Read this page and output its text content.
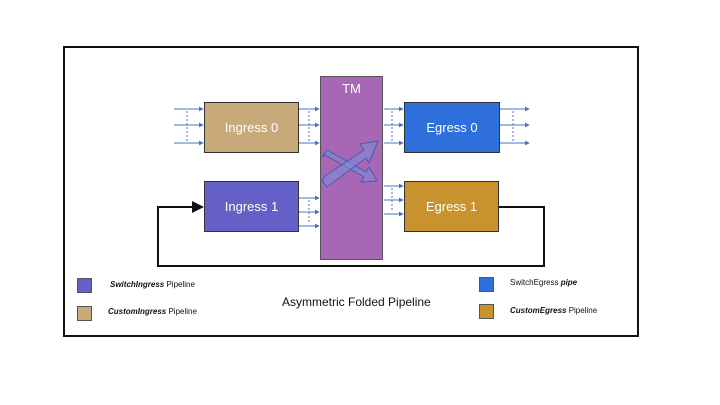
Ingress 0
Ingress 1
Egress 0
Egress 1
TM
SwitchIngress Pipeline
CustomIngress Pipeline
SwitchEgress pipe
CustomEgress Pipeline
Asymmetric Folded Pipeline
